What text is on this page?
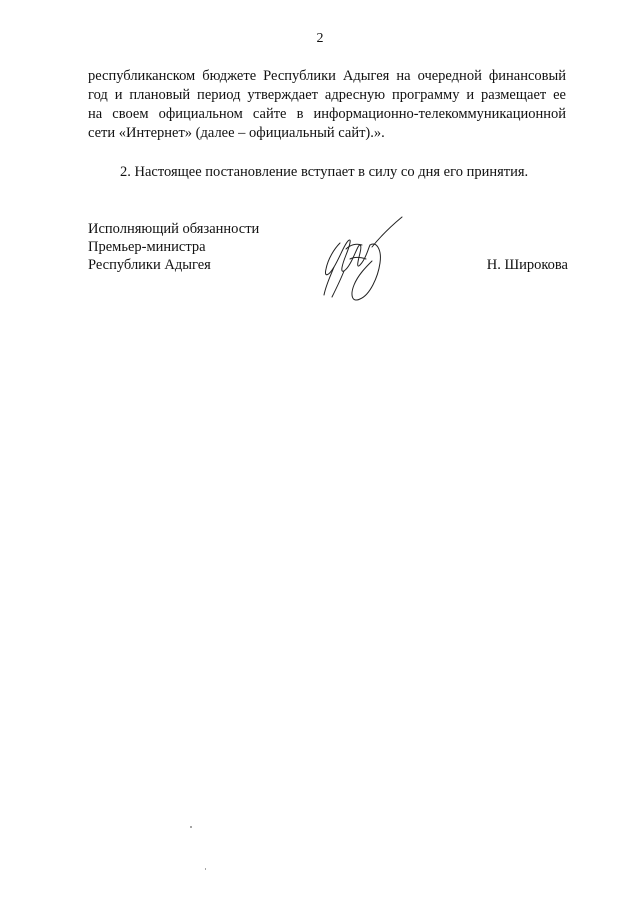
2

республиканском бюджете Республики Адыгея на очередной финансовый
год и плановый период утверждает адресную программу и размещает ее
на своем официальном сайте в информационно-телекоммуникационной
сети «Интернет» (далее – официальный сайт).».

2. Настоящее постановление вступает в силу со дня его принятия.

Исполняющий обязанности
Премьер-министра
Республики Адыгея	Н. Широкова
